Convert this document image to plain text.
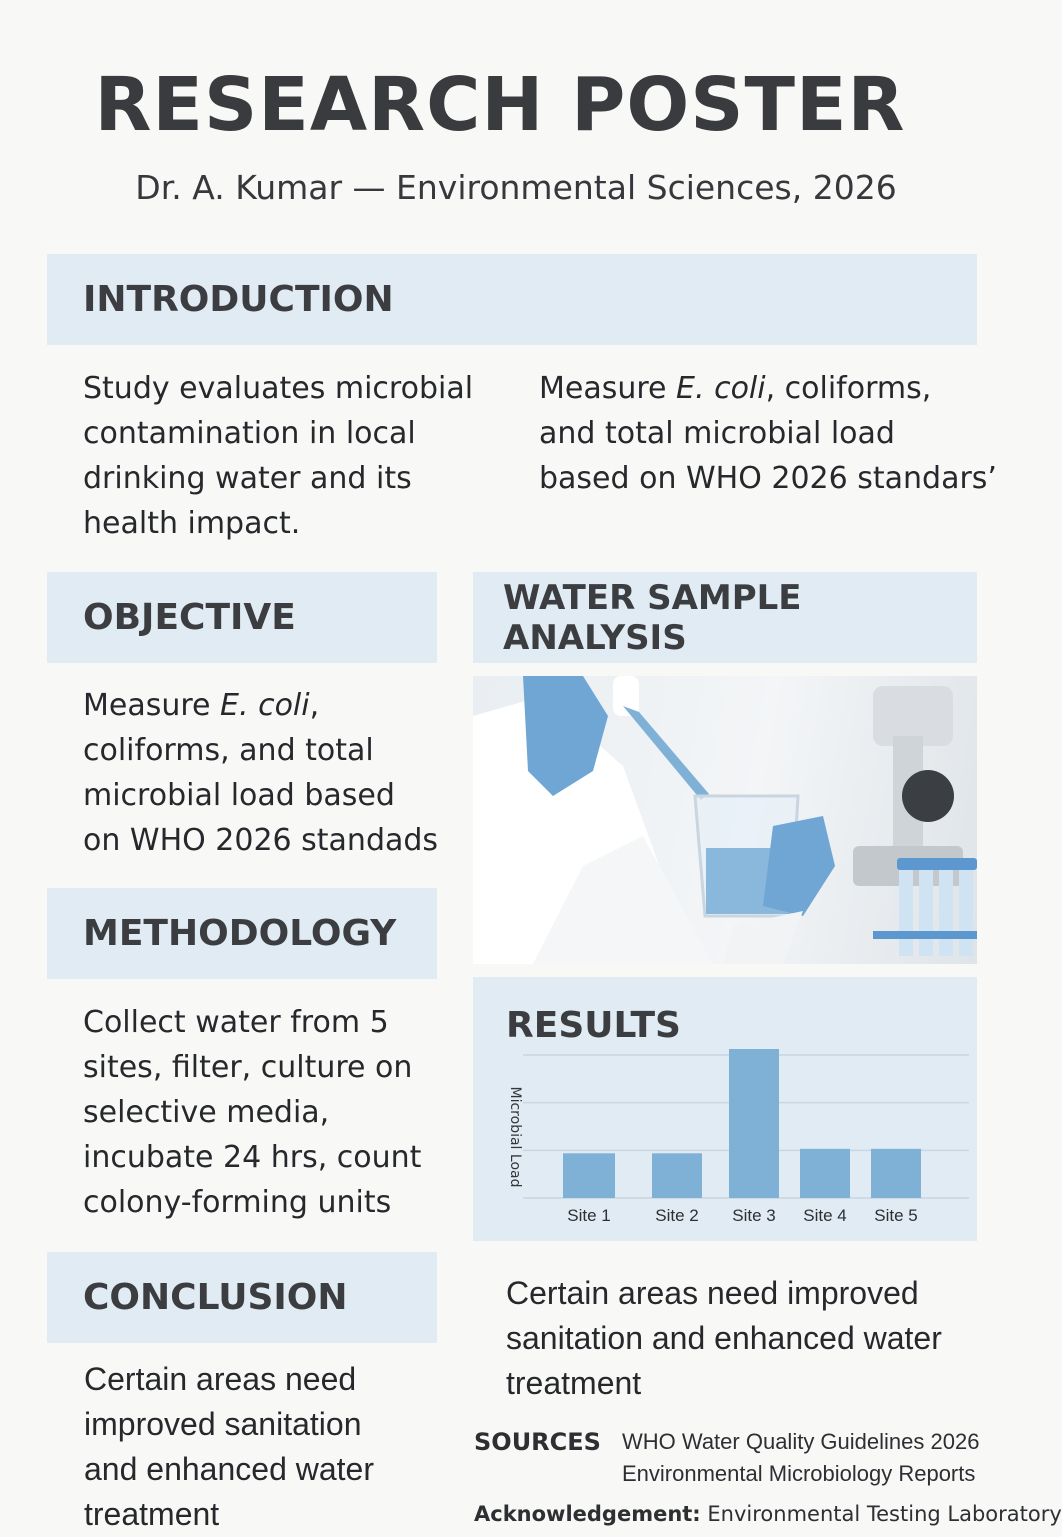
RESEARCH POSTER
Dr. A. Kumar — Environmental Sciences, 2026
INTRODUCTION
Study evaluates microbial contamination in local drinking water and its health impact.
Measure E. coli, coliforms,
and total microbial load
based on WHO 2026 standars’
OBJECTIVE
Measure E. coli,
coliforms, and total
microbial load based
on WHO 2026 standads
WATER SAMPLE ANALYSIS
METHODOLOGY
Collect water from 5 sites, filter, culture on selective media, incubate 24 hrs, count colony-forming units
RESULTS
Site 1	Site 2 Site 3 Site 4 Site 5
Microbial Load
CONCLUSION
Certain areas need improved sanitation and enhanced water treatment
Certain areas need improved sanitation and enhanced water treatment
SOURCES WHO Water Quality Guidelines 2026
Environmental Microbiology Reports
Acknowledgement: Environmental Testing Laboratory
